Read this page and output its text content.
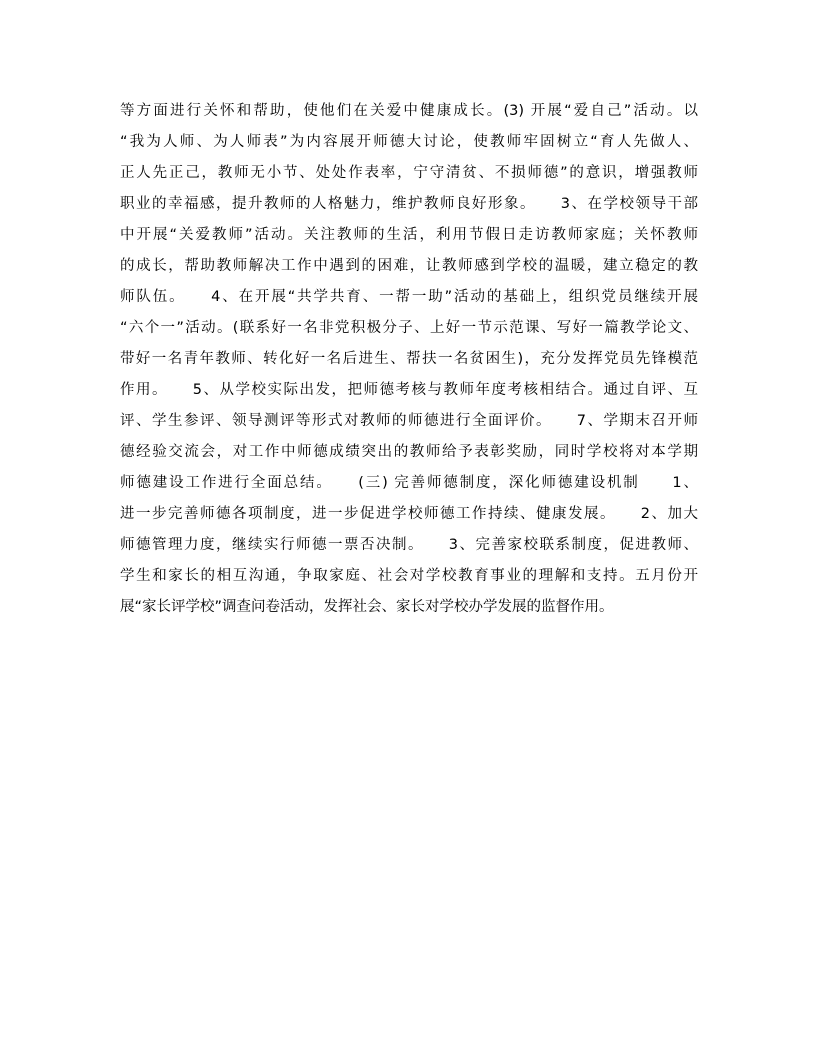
等方面进行关怀和帮助，使他们在关爱中健康成长。(3) 开展“爱自己”活动。以
“我为人师、为人师表”为内容展开师德大讨论，使教师牢固树立“育人先做人、
正人先正己，教师无小节、处处作表率，宁守清贫、不损师德”的意识，增强教师
职业的幸福感，提升教师的人格魅力，维护教师良好形象。　　3、在学校领导干部
中开展“关爱教师”活动。关注教师的生活，利用节假日走访教师家庭；关怀教师
的成长，帮助教师解决工作中遇到的困难，让教师感到学校的温暖，建立稳定的教
师队伍。　　4、在开展“共学共育、一帮一助”活动的基础上，组织党员继续开展
“六个一”活动。(联系好一名非党积极分子、上好一节示范课、写好一篇教学论文、
带好一名青年教师、转化好一名后进生、帮扶一名贫困生)，充分发挥党员先锋模范
作用。　　5、从学校实际出发，把师德考核与教师年度考核相结合。通过自评、互
评、学生参评、领导测评等形式对教师的师德进行全面评价。　　7、学期末召开师
德经验交流会，对工作中师德成绩突出的教师给予表彰奖励，同时学校将对本学期
师德建设工作进行全面总结。　　(三) 完善师德制度，深化师德建设机制　　1、
进一步完善师德各项制度，进一步促进学校师德工作持续、健康发展。　　2、加大
师德管理力度，继续实行师德一票否决制。　　3、完善家校联系制度，促进教师、
学生和家长的相互沟通，争取家庭、社会对学校教育事业的理解和支持。五月份开
展“家长评学校”调查问卷活动，发挥社会、家长对学校办学发展的监督作用。
